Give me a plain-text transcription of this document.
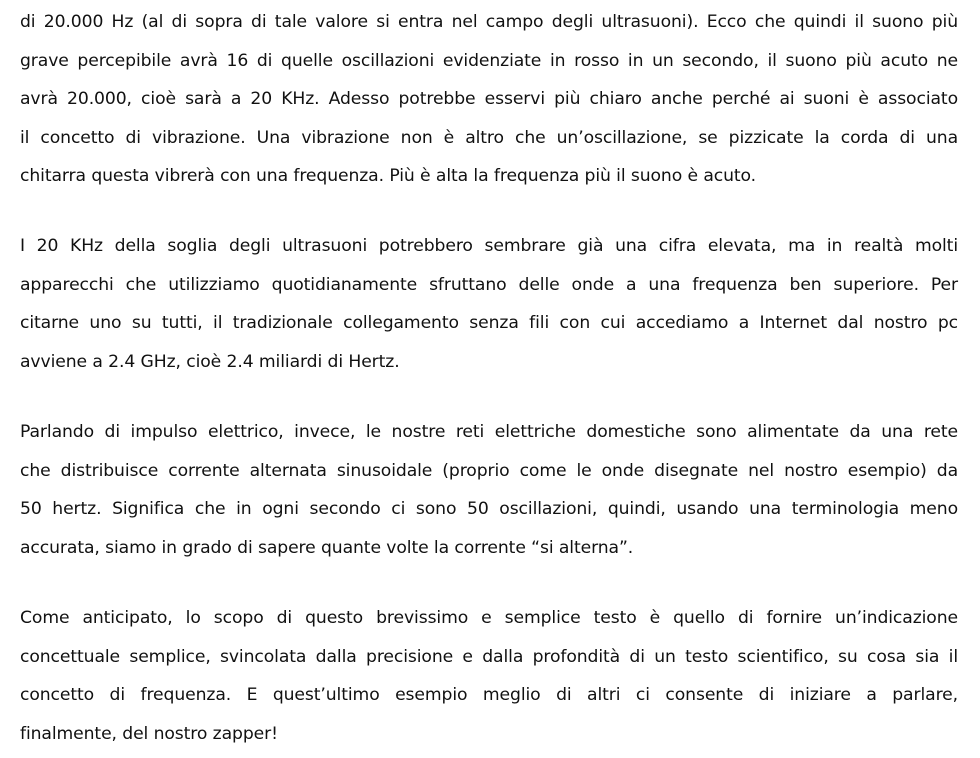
di 20.000 Hz (al di sopra di tale valore si entra nel campo degli ultrasuoni). Ecco che quindi il suono più
grave percepibile avrà 16 di quelle oscillazioni evidenziate in rosso in un secondo, il suono più acuto ne
avrà 20.000, cioè sarà a 20 KHz. Adesso potrebbe esservi più chiaro anche perché ai suoni è associato
il concetto di vibrazione. Una vibrazione non è altro che un’oscillazione, se pizzicate la corda di una
chitarra questa vibrerà con una frequenza. Più è alta la frequenza più il suono è acuto.
I 20 KHz della soglia degli ultrasuoni potrebbero sembrare già una cifra elevata, ma in realtà molti
apparecchi che utilizziamo quotidianamente sfruttano delle onde a una frequenza ben superiore. Per
citarne uno su tutti, il tradizionale collegamento senza fili con cui accediamo a Internet dal nostro pc
avviene a 2.4 GHz, cioè 2.4 miliardi di Hertz.
Parlando di impulso elettrico, invece, le nostre reti elettriche domestiche sono alimentate da una rete
che distribuisce corrente alternata sinusoidale (proprio come le onde disegnate nel nostro esempio) da
50 hertz. Significa che in ogni secondo ci sono 50 oscillazioni, quindi, usando una terminologia meno
accurata, siamo in grado di sapere quante volte la corrente “si alterna”.
Come anticipato, lo scopo di questo brevissimo e semplice testo è quello di fornire un’indicazione
concettuale semplice, svincolata dalla precisione e dalla profondità di un testo scientifico, su cosa sia il
concetto di frequenza. E quest’ultimo esempio meglio di altri ci consente di iniziare a parlare,
finalmente, del nostro zapper!
